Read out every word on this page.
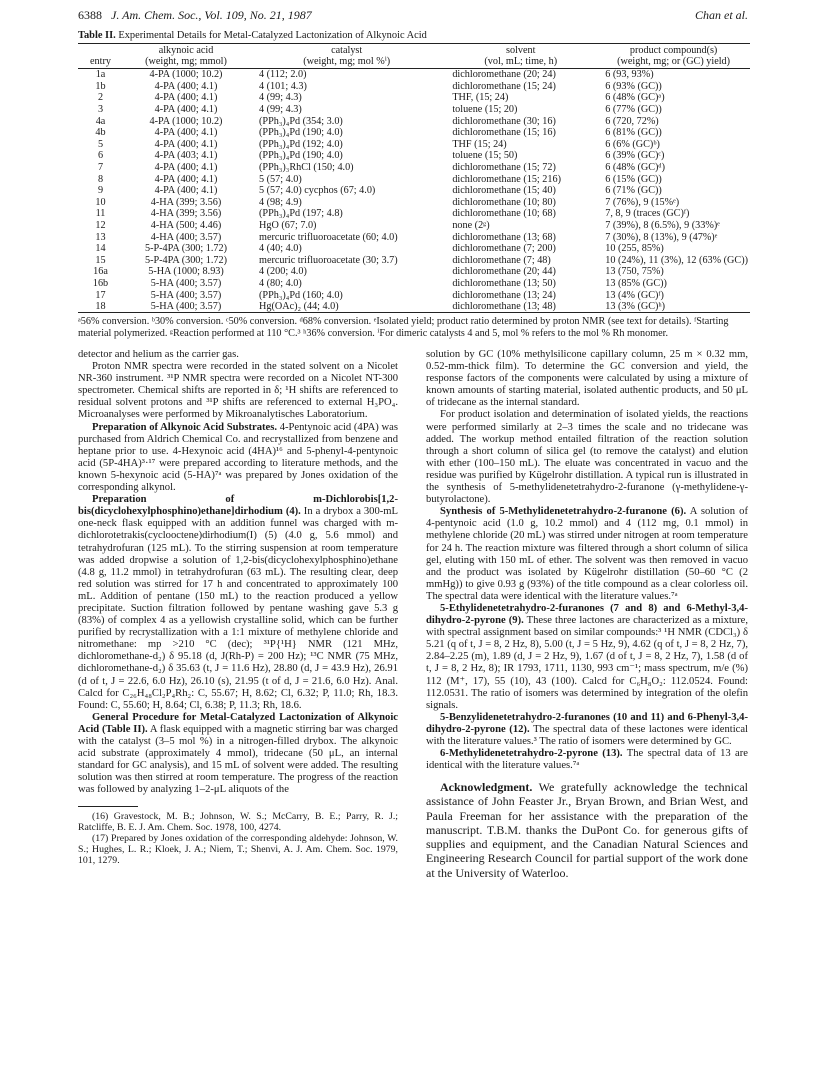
6388 J. Am. Chem. Soc., Vol. 109, No. 21, 1987	Chan et al.
Table II. Experimental Details for Metal-Catalyzed Lactonization of Alkynoic Acid
	alkynoic acid	catalyst	solvent	product compound(s)
entry	(weight, mg; mmol)	(weight, mg; mol %ⁱ)	(vol, mL; time, h)	(weight, mg; or (GC) yield)
1a	4-PA (1000; 10.2)	4 (112; 2.0)	dichloromethane (20; 24)	6 (93, 93%)
1b	4-PA (400; 4.1)	4 (101; 4.3)	dichloromethane (15; 24)	6 (93% (GC))
2	4-PA (400; 4.1)	4 (99; 4.3)	THF, (15; 24)	6 (48% (GC)ᵃ)
3	4-PA (400; 4.1)	4 (99; 4.3)	toluene (15; 20)	6 (77% (GC))
4a	4-PA (1000; 10.2)	(PPh₃)₄Pd (354; 3.0)	dichloromethane (30; 16)	6 (720, 72%)
4b	4-PA (400; 4.1)	(PPh₃)₄Pd (190; 4.0)	dichloromethane (15; 16)	6 (81% (GC))
5	4-PA (400; 4.1)	(PPh₃)₄Pd (192; 4.0)	THF (15; 24)	6 (6% (GC)ᵇ)
6	4-PA (403; 4.1)	(PPh₃)₄Pd (190; 4.0)	toluene (15; 50)	6 (39% (GC)ᶜ)
7	4-PA (400; 4.1)	(PPh₃)₃RhCl (150; 4.0)	dichloromethane (15; 72)	6 (48% (GC)ᵈ)
8	4-PA (400; 4.1)	5 (57; 4.0)	dichloromethane (15; 216)	6 (15% (GC))
9	4-PA (400; 4.1)	5 (57; 4.0) cycphos (67; 4.0)	dichloromethane (15; 40)	6 (71% (GC))
10	4-HA (399; 3.56)	4 (98; 4.9)	dichloromethane (10; 80)	7 (76%), 9 (15%ᵉ)
11	4-HA (399; 3.56)	(PPh₃)₄Pd (197; 4.8)	dichloromethane (10; 68)	7, 8, 9 (traces (GC)ᶠ)
12	4-HA (500; 4.46)	HgO (67; 7.0)	none (2ᵍ)	7 (39%), 8 (6.5%), 9 (33%)ᵉ
13	4-HA (400; 3.57)	mercuric trifluoroacetate (60; 4.0)	dichloromethane (13; 68)	7 (30%), 8 (13%), 9 (47%)ᵉ
14	5-P-4PA (300; 1.72)	4 (40; 4.0)	dichloromethane (7; 200)	10 (255, 85%)
15	5-P-4PA (300; 1.72)	mercuric trifluoroacetate (30; 3.7)	dichloromethane (7; 48)	10 (24%), 11 (3%), 12 (63% (GC))
16a	5-HA (1000; 8.93)	4 (200; 4.0)	dichloromethane (20; 44)	13 (750, 75%)
16b	5-HA (400; 3.57)	4 (80; 4.0)	dichloromethane (13; 50)	13 (85% (GC))
17	5-HA (400; 3.57)	(PPh₃)₄Pd (160; 4.0)	dichloromethane (13; 24)	13 (4% (GC)ᶠ)
18	5-HA (400; 3.57)	Hg(OAc)₂ (44; 4.0)	dichloromethane (13; 48)	13 (3% (GC)ʰ)
ᵃ56% conversion. ᵇ30% conversion. ᶜ50% conversion. ᵈ68% conversion. ᵉIsolated yield; product ratio determined by proton NMR (see text for details). ᶠStarting material polymerized. ᵍReaction performed at 110 °C.³ ʰ36% conversion. ⁱFor dimeric catalysts 4 and 5, mol % refers to the mol % Rh monomer.

detector and helium as the carrier gas.

Proton NMR spectra were recorded in the stated solvent on a Nicolet NR-360 instrument. ³¹P NMR spectra were recorded on a Nicolet NT-300 spectrometer. Chemical shifts are reported in δ; ¹H shifts are referenced to residual solvent protons and ³¹P shifts are referenced to external H₃PO₄. Microanalyses were performed by Mikroanalytisches Laboratorium.

Preparation of Alkynoic Acid Substrates. 4-Pentynoic acid (4PA) was purchased from Aldrich Chemical Co. and recrystallized from benzene and heptane prior to use. 4-Hexynoic acid (4HA)¹⁶ and 5-phenyl-4-pentynoic acid (5P-4HA)³·¹⁷ were prepared according to literature methods, and the known 5-hexynoic acid (5-HA)⁷ᵃ was prepared by Jones oxidation of the corresponding alkynol.

Preparation of m-Dichlorobis[1,2-bis(dicyclohexylphosphino)ethane]dirhodium (4). In a drybox a 300-mL one-neck flask equipped with an addition funnel was charged with m-dichlorotetrakis(cyclooctene)dirhodium(I) (5) (4.0 g, 5.6 mmol) and tetrahydrofuran (125 mL). To the stirring suspension at room temperature was added dropwise a solution of 1,2-bis(dicyclohexylphosphino)ethane (4.8 g, 11.2 mmol) in tetrahydrofuran (63 mL). The resulting clear, deep red solution was stirred for 17 h and concentrated to approximately 100 mL. Addition of pentane (150 mL) to the reaction produced a yellow precipitate. Suction filtration followed by pentane washing gave 5.3 g (83%) of complex 4 as a yellowish crystalline solid, which can be further purified by recrystallization with a 1:1 mixture of methylene chloride and nitromethane: mp >210 °C (dec); ³¹P{¹H} NMR (121 MHz, dichloromethane-d₂) δ 95.18 (d, J(Rh-P) = 200 Hz); ¹³C NMR (75 MHz, dichloromethane-d₂) δ 35.63 (t, J = 11.6 Hz), 28.80 (d, J = 43.9 Hz), 26.91 (d of t, J = 22.6, 6.0 Hz), 26.10 (s), 21.95 (t of d, J = 21.6, 6.0 Hz). Anal. Calcd for C₂₆H₄₈Cl₂P₄Rh₂: C, 55.67; H, 8.62; Cl, 6.32; P, 11.0; Rh, 18.3. Found: C, 55.60; H, 8.64; Cl, 6.38; P, 11.3; Rh, 18.6.

General Procedure for Metal-Catalyzed Lactonization of Alkynoic Acid (Table II). A flask equipped with a magnetic stirring bar was charged with the catalyst (3–5 mol %) in a nitrogen-filled drybox. The alkynoic acid substrate (approximately 4 mmol), tridecane (50 μL, an internal standard for GC analysis), and 15 mL of solvent were added. The resulting solution was then stirred at room temperature. The progress of the reaction was followed by analyzing 1–2-μL aliquots of the

(16) Gravestock, M. B.; Johnson, W. S.; McCarry, B. E.; Parry, R. J.; Ratcliffe, B. E. J. Am. Chem. Soc. 1978, 100, 4274.

(17) Prepared by Jones oxidation of the corresponding aldehyde: Johnson, W. S.; Hughes, L. R.; Kloek, J. A.; Niem, T.; Shenvi, A. J. Am. Chem. Soc. 1979, 101, 1279.

solution by GC (10% methylsilicone capillary column, 25 m × 0.32 mm, 0.52-mm-thick film). To determine the GC conversion and yield, the response factors of the components were calculated by using a mixture of known amounts of starting material, isolated authentic products, and 50 μL of tridecane as the internal standard.

For product isolation and determination of isolated yields, the reactions were performed similarly at 2–3 times the scale and no tridecane was added. The workup method entailed filtration of the reaction solution through a short column of silica gel (to remove the catalyst) and elution with ether (100–150 mL). The eluate was concentrated in vacuo and the residue was purified by Kügelrohr distillation. A typical run is illustrated in the synthesis of 5-methylidenetetrahydro-2-furanone (γ-methylidene-γ-butyrolactone).

Synthesis of 5-Methylidenetetrahydro-2-furanone (6). A solution of 4-pentynoic acid (1.0 g, 10.2 mmol) and 4 (112 mg, 0.1 mmol) in methylene chloride (20 mL) was stirred under nitrogen at room temperature for 24 h. The reaction mixture was filtered through a short column of silica gel, eluting with 150 mL of ether. The solvent was then removed in vacuo and the product was isolated by Kügelrohr distillation (50–60 °C (2 mmHg)) to give 0.93 g (93%) of the title compound as a clear colorless oil. The spectral data were identical with the literature values.⁷ᵃ

5-Ethylidenetetrahydro-2-furanones (7 and 8) and 6-Methyl-3,4-dihydro-2-pyrone (9). These three lactones are characterized as a mixture, with spectral assignment based on similar compounds:³ ¹H NMR (CDCl₃) δ 5.21 (q of t, J = 8, 2 Hz, 8), 5.00 (t, J = 5 Hz, 9), 4.62 (q of t, J = 8, 2 Hz, 7), 2.84–2.25 (m), 1.89 (d, J = 2 Hz, 9), 1.67 (d of t, J = 8, 2 Hz, 7), 1.58 (d of t, J = 8, 2 Hz, 8); IR 1793, 1711, 1130, 993 cm⁻¹; mass spectrum, m/e (%) 112 (M⁺, 17), 55 (10), 43 (100). Calcd for C₆H₈O₂: 112.0524. Found: 112.0531. The ratio of isomers was determined by integration of the olefin signals.

5-Benzylidenetetrahydro-2-furanones (10 and 11) and 6-Phenyl-3,4-dihydro-2-pyrone (12). The spectral data of these lactones were identical with the literature values.³ The ratio of isomers were determined by GC.

6-Methylidenetetrahydro-2-pyrone (13). The spectral data of 13 are identical with the literature values.⁷ᵃ

Acknowledgment. We gratefully acknowledge the technical assistance of John Feaster Jr., Bryan Brown, and Brian West, and Paula Freeman for her assistance with the preparation of the manuscript. T.B.M. thanks the DuPont Co. for generous gifts of supplies and equipment, and the Canadian Natural Sciences and Engineering Research Council for partial support of the work done at the University of Waterloo.
